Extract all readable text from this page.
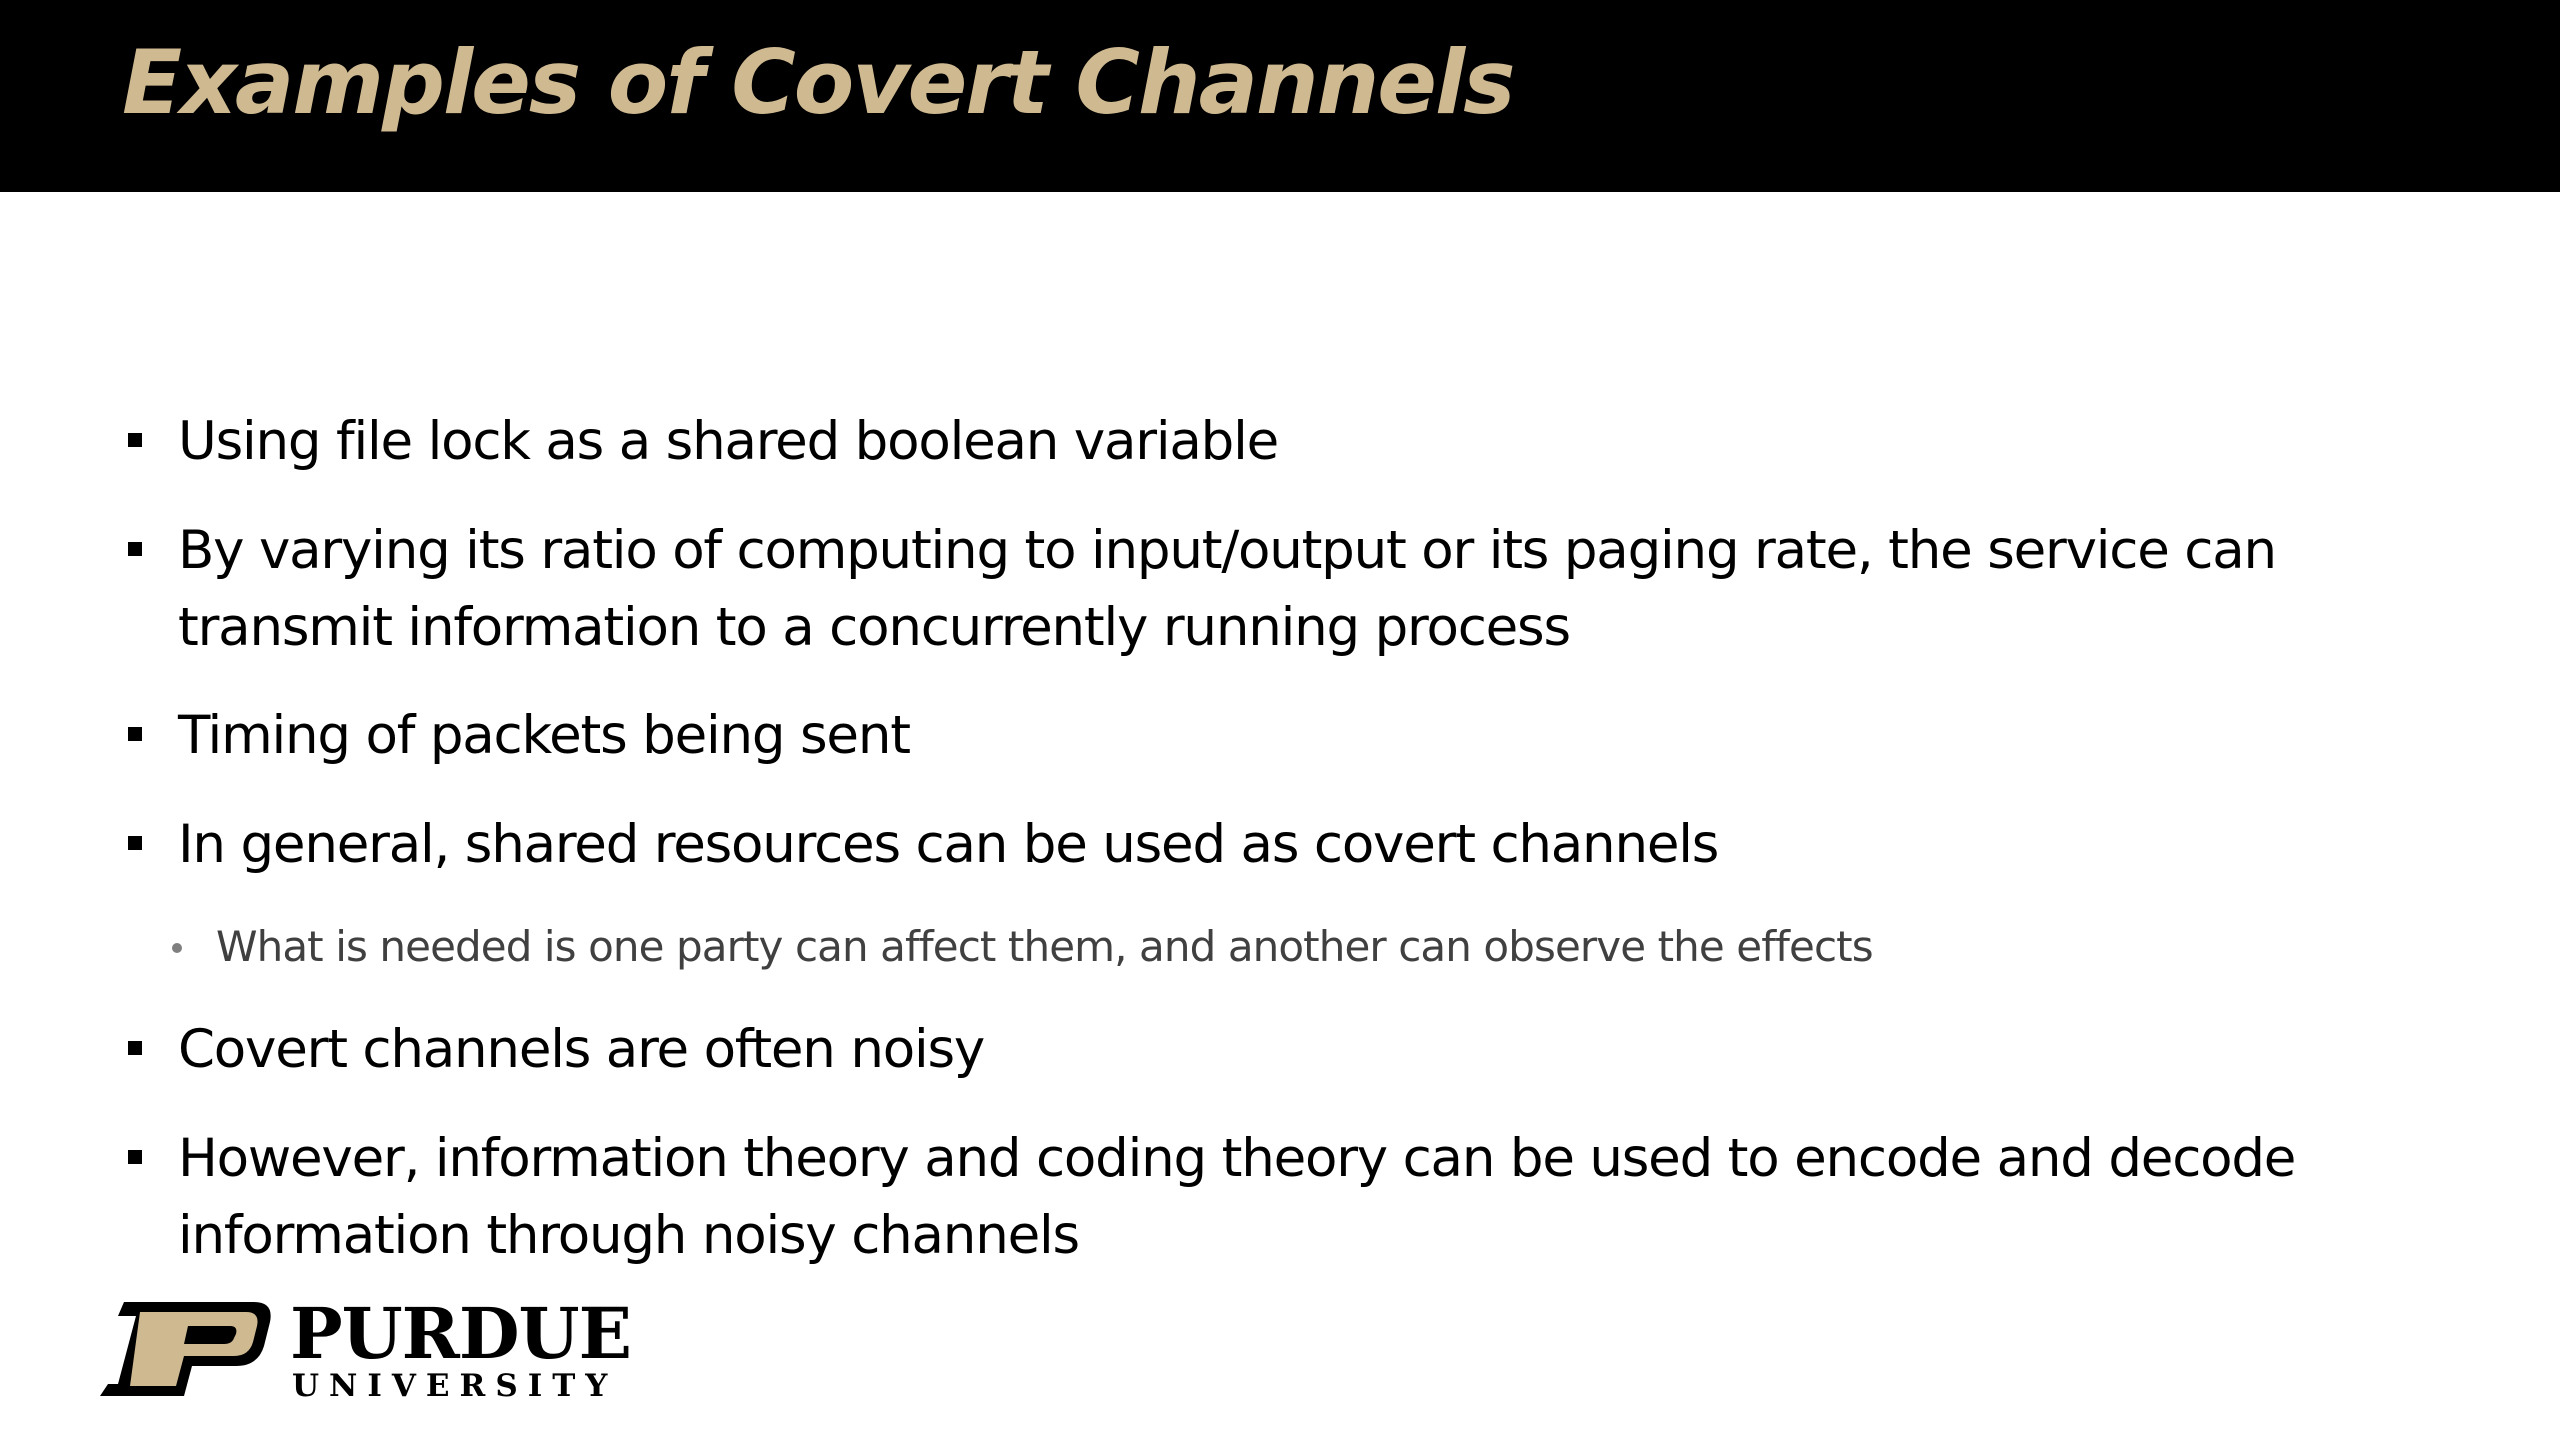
Examples of Covert Channels
Using file lock as a shared boolean variable
By varying its ratio of computing to input/output or its paging rate, the service can transmit information to a concurrently running process
Timing of packets being sent
In general, shared resources can be used as covert channels
What is needed is one party can affect them, and another can observe the effects
Covert channels are often noisy
However, information theory and coding theory can be used to encode and decode information through noisy channels
PURDUE
UNIVERSITY
